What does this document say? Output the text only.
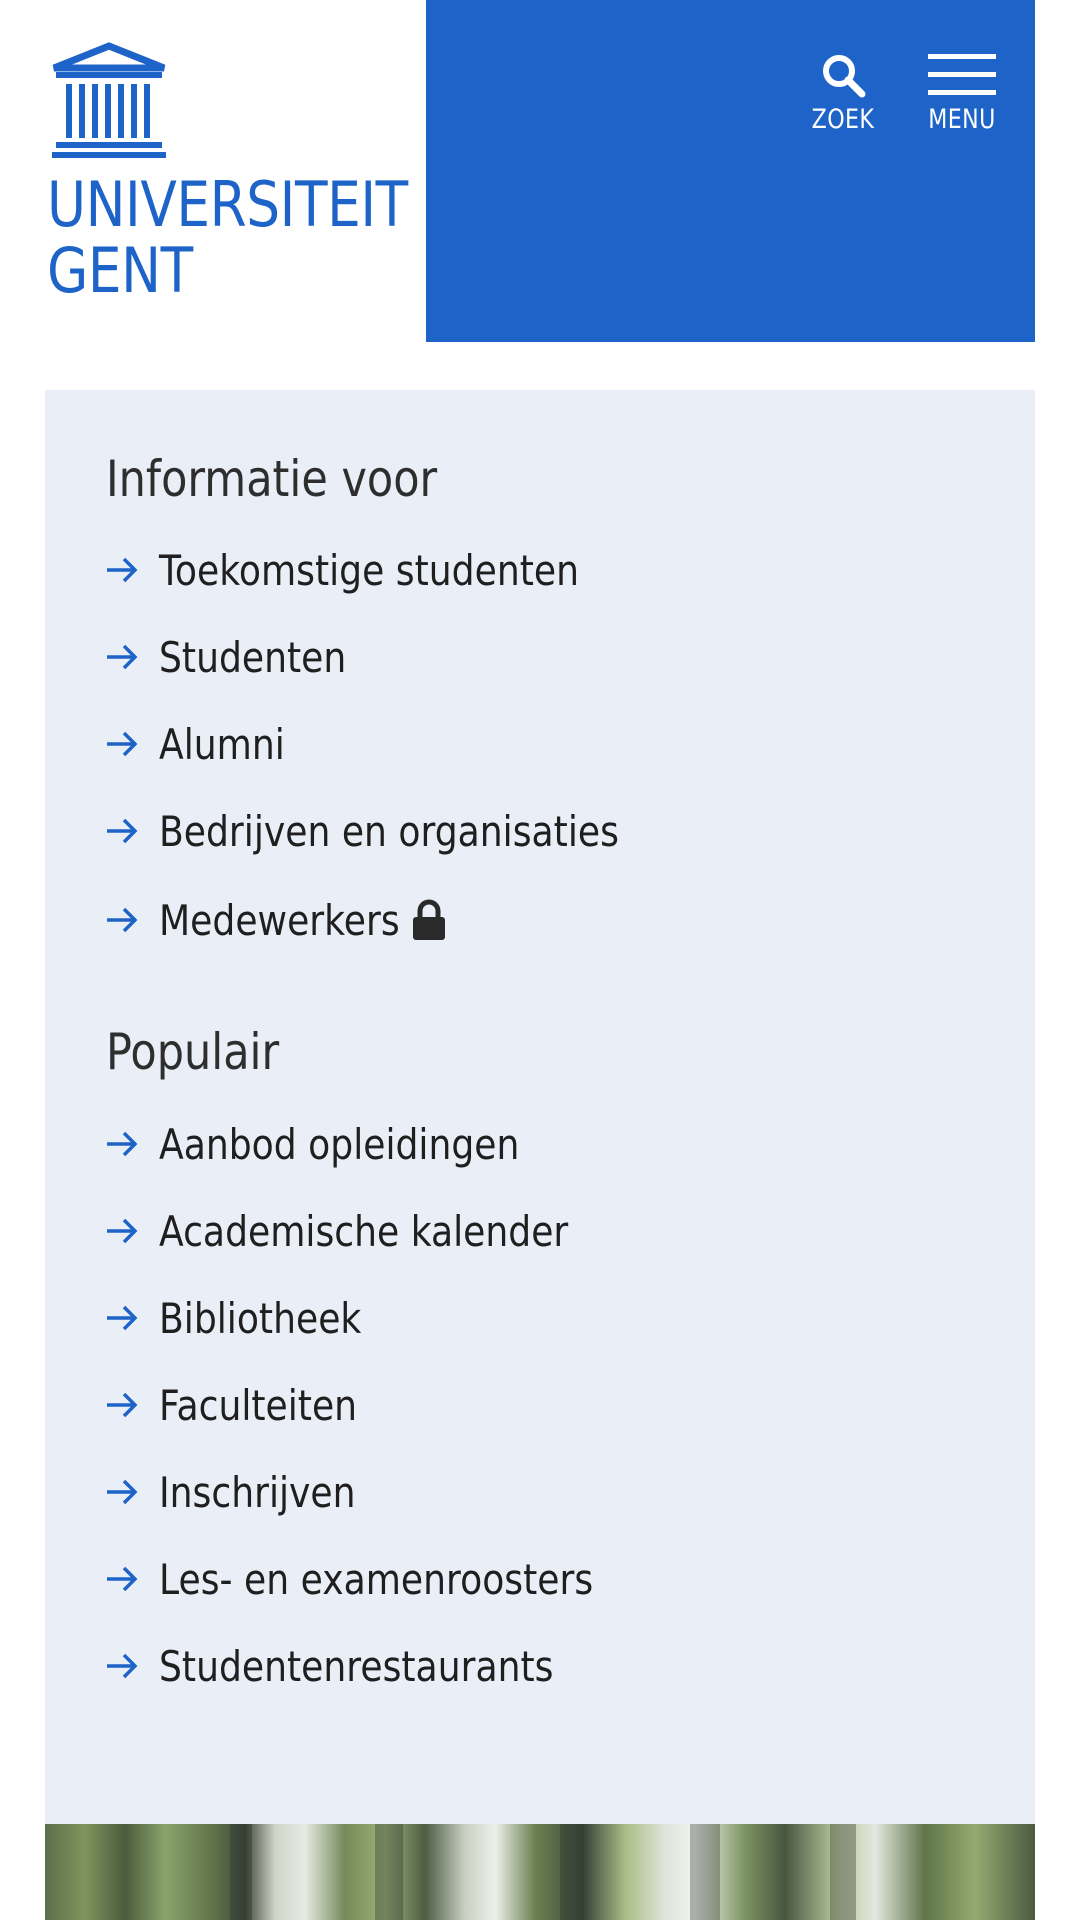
UNIVERSITEIT
GENT
ZOEK	MENU
Informatie voor
Toekomstige studenten
Studenten
Alumni
Bedrijven en organisaties
Medewerkers
Populair
Aanbod opleidingen
Academische kalender
Bibliotheek
Faculteiten
Inschrijven
Les- en examenroosters
Studentenrestaurants
